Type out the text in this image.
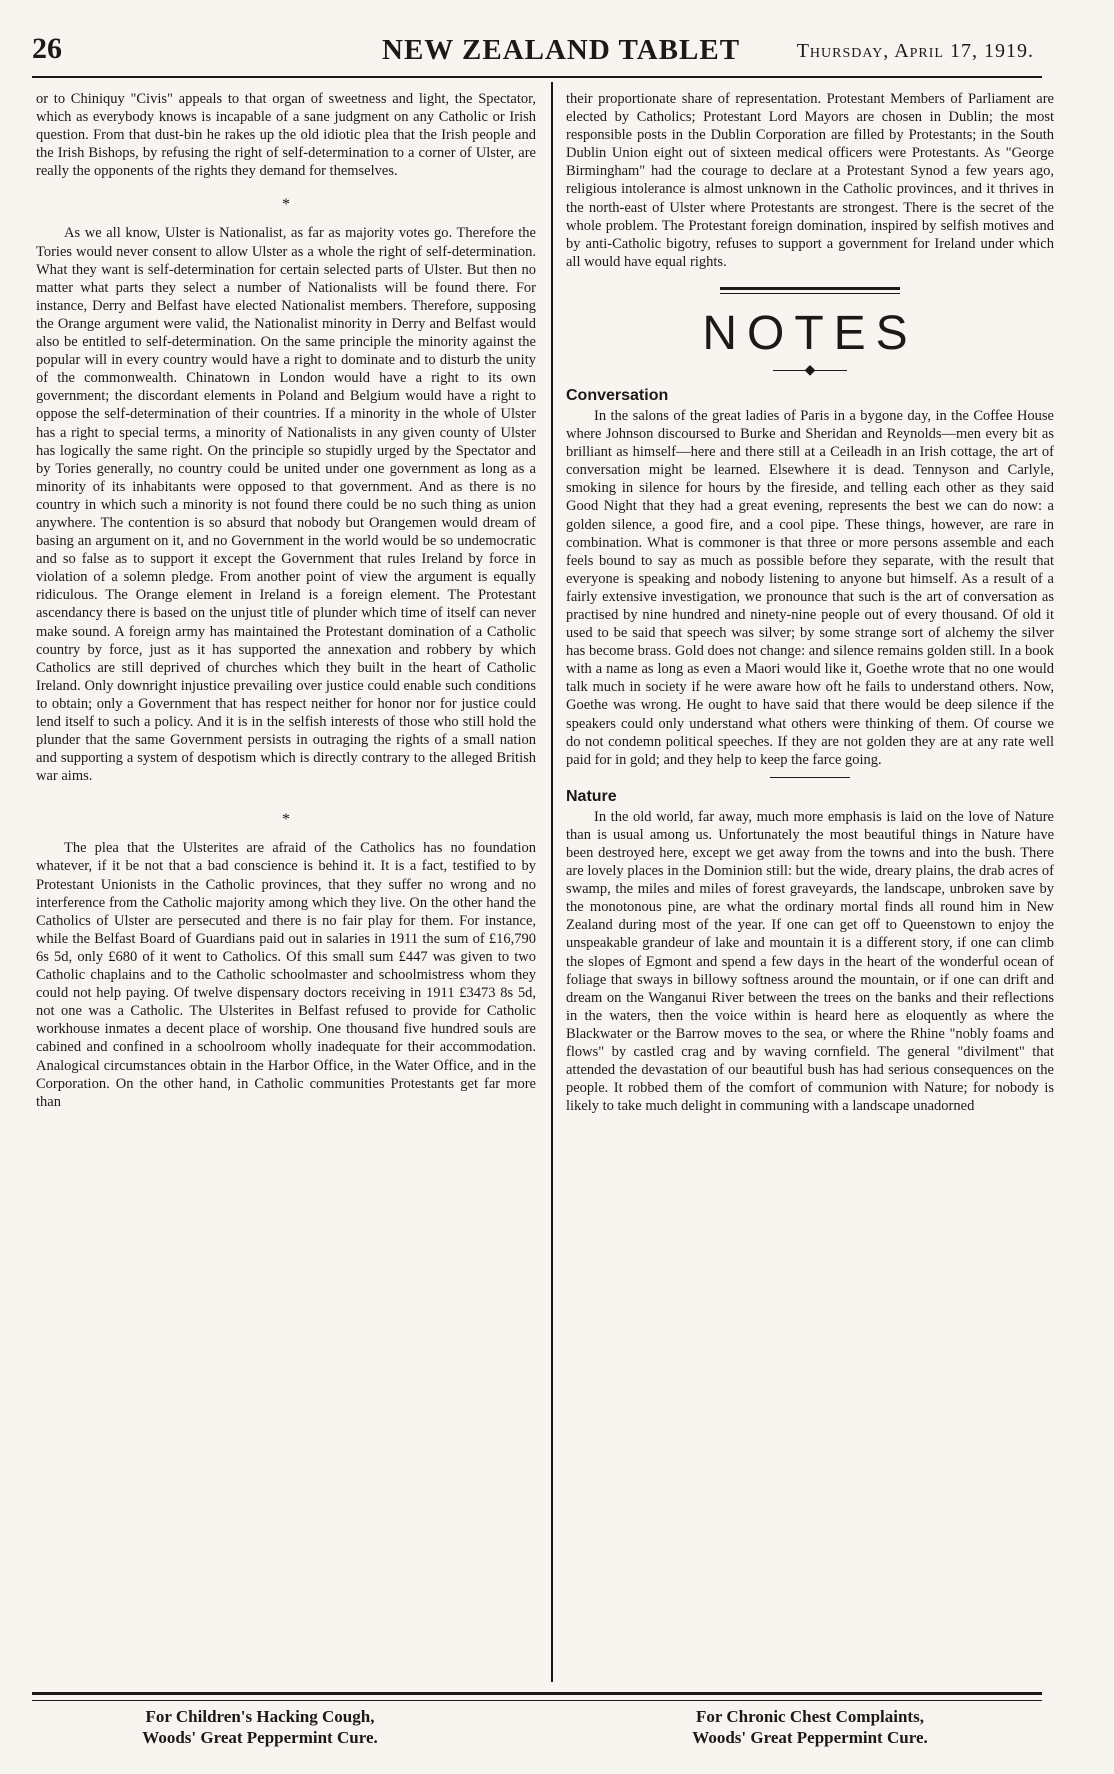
26	NEW ZEALAND TABLET	Thursday, April 17, 1919.

or to Chiniquy "Civis" appeals to that organ of sweetness and light, the Spectator, which as everybody knows is incapable of a sane judgment on any Catholic or Irish question. From that dust-bin he rakes up the old idiotic plea that the Irish people and the Irish Bishops, by refusing the right of self-determination to a corner of Ulster, are really the opponents of the rights they demand for themselves.

*

As we all know, Ulster is Nationalist, as far as majority votes go. Therefore the Tories would never consent to allow Ulster as a whole the right of self-determination. What they want is self-determination for certain selected parts of Ulster. But then no matter what parts they select a number of Nationalists will be found there. For instance, Derry and Belfast have elected Nationalist members. Therefore, supposing the Orange argument were valid, the Nationalist minority in Derry and Belfast would also be entitled to self-determination. On the same principle the minority against the popular will in every country would have a right to dominate and to disturb the unity of the commonwealth. Chinatown in London would have a right to its own government; the discordant elements in Poland and Belgium would have a right to oppose the self-determination of their countries. If a minority in the whole of Ulster has a right to special terms, a minority of Nationalists in any given county of Ulster has logically the same right. On the principle so stupidly urged by the Spectator and by Tories generally, no country could be united under one government as long as a minority of its inhabitants were opposed to that government. And as there is no country in which such a minority is not found there could be no such thing as union anywhere. The contention is so absurd that nobody but Orangemen would dream of basing an argument on it, and no Government in the world would be so undemocratic and so false as to support it except the Government that rules Ireland by force in violation of a solemn pledge. From another point of view the argument is equally ridiculous. The Orange element in Ireland is a foreign element. The Protestant ascendancy there is based on the unjust title of plunder which time of itself can never make sound. A foreign army has maintained the Protestant domination of a Catholic country by force, just as it has supported the annexation and robbery by which Catholics are still deprived of churches which they built in the heart of Catholic Ireland. Only downright injustice prevailing over justice could enable such conditions to obtain; only a Government that has respect neither for honor nor for justice could lend itself to such a policy. And it is in the selfish interests of those who still hold the plunder that the same Government persists in outraging the rights of a small nation and supporting a system of despotism which is directly contrary to the alleged British war aims.

*

The plea that the Ulsterites are afraid of the Catholics has no foundation whatever, if it be not that a bad conscience is behind it. It is a fact, testified to by Protestant Unionists in the Catholic provinces, that they suffer no wrong and no interference from the Catholic majority among which they live. On the other hand the Catholics of Ulster are persecuted and there is no fair play for them. For instance, while the Belfast Board of Guardians paid out in salaries in 1911 the sum of £16,790 6s 5d, only £680 of it went to Catholics. Of this small sum £447 was given to two Catholic chaplains and to the Catholic schoolmaster and schoolmistress whom they could not help paying. Of twelve dispensary doctors receiving in 1911 £3473 8s 5d, not one was a Catholic. The Ulsterites in Belfast refused to provide for Catholic workhouse inmates a decent place of worship. One thousand five hundred souls are cabined and confined in a schoolroom wholly inadequate for their accommodation. Analogical circumstances obtain in the Harbor Office, in the Water Office, and in the Corporation. On the other hand, in Catholic communities Protestants get far more than

their proportionate share of representation. Protestant Members of Parliament are elected by Catholics; Protestant Lord Mayors are chosen in Dublin; the most responsible posts in the Dublin Corporation are filled by Protestants; in the South Dublin Union eight out of sixteen medical officers were Protestants. As "George Birmingham" had the courage to declare at a Protestant Synod a few years ago, religious intolerance is almost unknown in the Catholic provinces, and it thrives in the north-east of Ulster where Protestants are strongest. There is the secret of the whole problem. The Protestant foreign domination, inspired by selfish motives and by anti-Catholic bigotry, refuses to support a government for Ireland under which all would have equal rights.

NOTES
◆
Conversation

In the salons of the great ladies of Paris in a bygone day, in the Coffee House where Johnson discoursed to Burke and Sheridan and Reynolds—men every bit as brilliant as himself—here and there still at a Ceileadh in an Irish cottage, the art of conversation might be learned. Elsewhere it is dead. Tennyson and Carlyle, smoking in silence for hours by the fireside, and telling each other as they said Good Night that they had a great evening, represents the best we can do now: a golden silence, a good fire, and a cool pipe. These things, however, are rare in combination. What is commoner is that three or more persons assemble and each feels bound to say as much as possible before they separate, with the result that everyone is speaking and nobody listening to anyone but himself. As a result of a fairly extensive investigation, we pronounce that such is the art of conversation as practised by nine hundred and ninety-nine people out of every thousand. Of old it used to be said that speech was silver; by some strange sort of alchemy the silver has become brass. Gold does not change: and silence remains golden still. In a book with a name as long as even a Maori would like it, Goethe wrote that no one would talk much in society if he were aware how oft he fails to understand others. Now, Goethe was wrong. He ought to have said that there would be deep silence if the speakers could only understand what others were thinking of them. Of course we do not condemn political speeches. If they are not golden they are at any rate well paid for in gold; and they help to keep the farce going.

Nature

In the old world, far away, much more emphasis is laid on the love of Nature than is usual among us. Unfortunately the most beautiful things in Nature have been destroyed here, except we get away from the towns and into the bush. There are lovely places in the Dominion still: but the wide, dreary plains, the drab acres of swamp, the miles and miles of forest graveyards, the landscape, unbroken save by the monotonous pine, are what the ordinary mortal finds all round him in New Zealand during most of the year. If one can get off to Queenstown to enjoy the unspeakable grandeur of lake and mountain it is a different story, if one can climb the slopes of Egmont and spend a few days in the heart of the wonderful ocean of foliage that sways in billowy softness around the mountain, or if one can drift and dream on the Wanganui River between the trees on the banks and their reflections in the waters, then the voice within is heard here as eloquently as where the Blackwater or the Barrow moves to the sea, or where the Rhine "nobly foams and flows" by castled crag and by waving cornfield. The general "divilment" that attended the devastation of our beautiful bush has had serious consequences on the people. It robbed them of the comfort of communion with Nature; for nobody is likely to take much delight in communing with a landscape unadorned

For Children's Hacking Cough,
Woods' Great Peppermint Cure.
For Chronic Chest Complaints,
Woods' Great Peppermint Cure.
